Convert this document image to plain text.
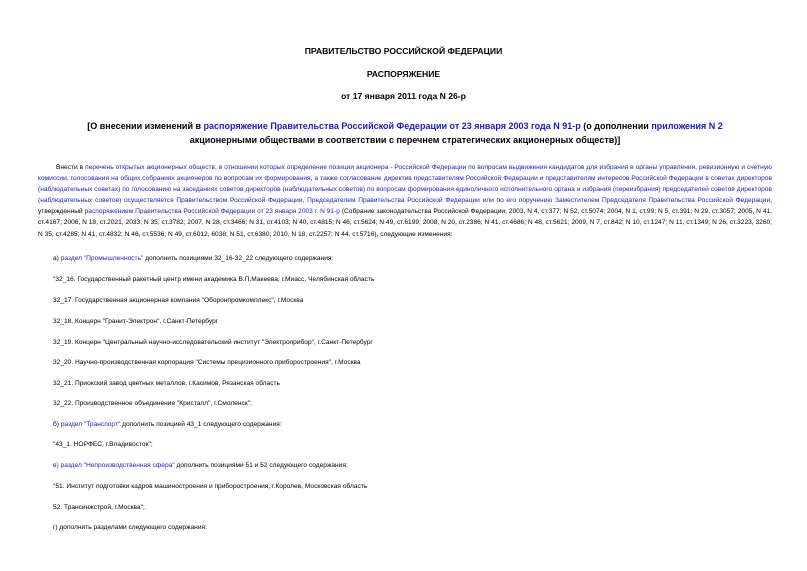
ПРАВИТЕЛЬСТВО РОССИЙСКОЙ ФЕДЕРАЦИИ
РАСПОРЯЖЕНИЕ
от 17 января 2011 года N 26-р
[О внесении изменений в распоряжение Правительства Российской Федерации от 23 января 2003 года N 91-р (о дополнении приложения N 2 акционерными обществами в соответствии с перечнем стратегических акционерных обществ)]
Внести в перечень открытых акционерных обществ, в отношении которых определение позиции акционера - Российской Федерации по вопросам выдвижения кандидатов для избрания в органы управления, ревизионную и счетную комиссии, голосования на общих собраниях акционеров по вопросам их формирования, а также согласование директив представителям Российской Федерации и представителям интересов Российской Федерации в советах директоров (наблюдательных советах) по голосованию на заседаниях советов директоров (наблюдательных советов) по вопросам формирования единоличного исполнительного органа и избрания (переизбрания) председателей советов директоров (наблюдательных советов) осуществляется Правительством Российской Федерации, Председателем Правительства Российской Федерации или по его поручению Заместителем Председателя Правительства Российской Федерации, утвержденный распоряжением Правительства Российской Федерации от 23 января 2003 г. N 91-р (Собрание законодательства Российской Федерации, 2003, N 4, ст.377; N 52, ст.5074; 2004, N 1, ст.99; N 5, ст.391; N 29, ст.3057; 2005, N 41, ст.4167; 2006, N 18, ст.2021, 2033; N 35, ст.3782; 2007, N 28, ст.3466; N 31, ст.4103; N 40, ст.4815; N 46, ст.5624; N 49, ст.6199; 2008, N 20, ст.2386; N 41, ст.4686; N 48, ст.5621; 2009, N 7, ст.842; N 10, ст.1247; N 11, ст.1349; N 26, ст.3223, 3260; N 35, ст.4285; N 41, ст.4832; N 46, ст.5536; N 49, ст.6012, 6038; N 51, ст.6380; 2010, N 18, ст.2257; N 44, ст.5716), следующие изменения:
а) раздел "Промышленность" дополнить позициями 32_16-32_22 следующего содержания:
"32_16. Государственный ракетный центр имени академика В.П.Макеева, г.Миасс, Челябинская область
32_17. Государственная акционерная компания "Оборонпромкомплекс", г.Москва
32_18. Концерн "Гранит-Электрон", г.Санкт-Петербург
32_19. Концерн "Центральный научно-исследовательский институт "Электроприбор", г.Санкт-Петербург
32_20. Научно-производственная корпорация "Системы прецизионного приборостроения", г.Москва
32_21. Приокский завод цветных металлов, г.Касимов, Рязанская область
32_22. Производственное объединение "Кристалл", г.Смоленск";
б) раздел "Транспорт" дополнить позицией 43_1 следующего содержания:
"43_1. НОРФЕС, г.Владивосток";
в) раздел "Непроизводственная сфера" дополнить позициями 51 и 52 следующего содержания:
"51. Институт подготовки кадров машиностроения и приборостроения, г.Королев, Московская область
52. Трансинжстрой, г.Москва";
г) дополнить разделами следующего содержания:
